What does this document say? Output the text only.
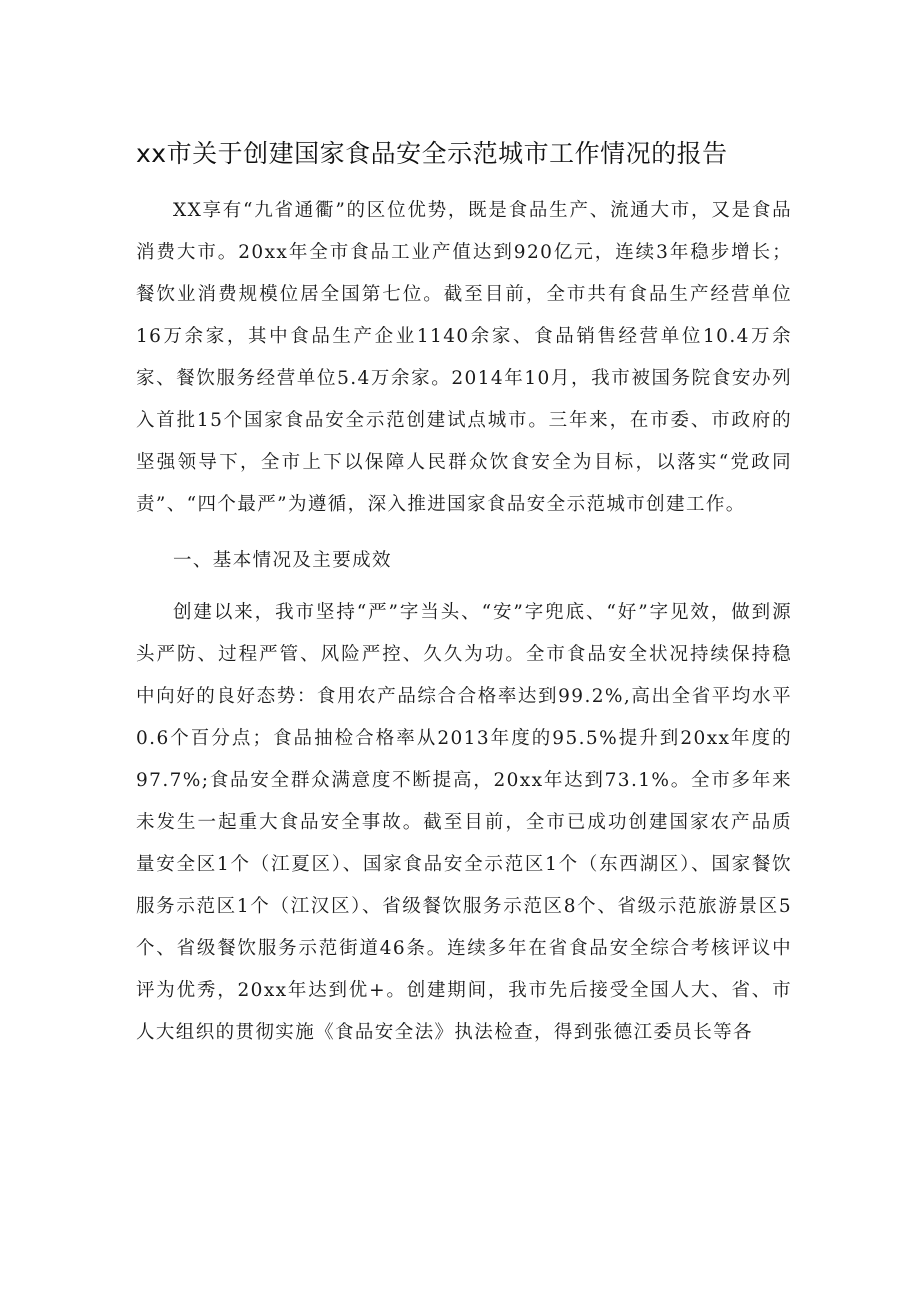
xx市关于创建国家食品安全示范城市工作情况的报告

XX享有“九省通衢”的区位优势，既是食品生产、流通大市，又是食品消费大市。20xx年全市食品工业产值达到920亿元，连续3年稳步增长；餐饮业消费规模位居全国第七位。截至目前，全市共有食品生产经营单位16万余家，其中食品生产企业1140余家、食品销售经营单位10.4万余家、餐饮服务经营单位5.4万余家。2014年10月，我市被国务院食安办列入首批15个国家食品安全示范创建试点城市。三年来，在市委、市政府的坚强领导下，全市上下以保障人民群众饮食安全为目标，以落实“党政同责”、“四个最严”为遵循，深入推进国家食品安全示范城市创建工作。

一、基本情况及主要成效

创建以来，我市坚持“严”字当头、“安”字兜底、“好”字见效，做到源头严防、过程严管、风险严控、久久为功。全市食品安全状况持续保持稳中向好的良好态势：食用农产品综合合格率达到99.2%,高出全省平均水平0.6个百分点；食品抽检合格率从2013年度的95.5%提升到20xx年度的97.7%;食品安全群众满意度不断提高，20xx年达到73.1%。全市多年来未发生一起重大食品安全事故。截至目前，全市已成功创建国家农产品质量安全区1个（江夏区）、国家食品安全示范区1个（东西湖区）、国家餐饮服务示范区1个（江汉区）、省级餐饮服务示范区8个、省级示范旅游景区5个、省级餐饮服务示范街道46条。连续多年在省食品安全综合考核评议中评为优秀，20xx年达到优+。创建期间，我市先后接受全国人大、省、市人大组织的贯彻实施《食品安全法》执法检查，得到张德江委员长等各
